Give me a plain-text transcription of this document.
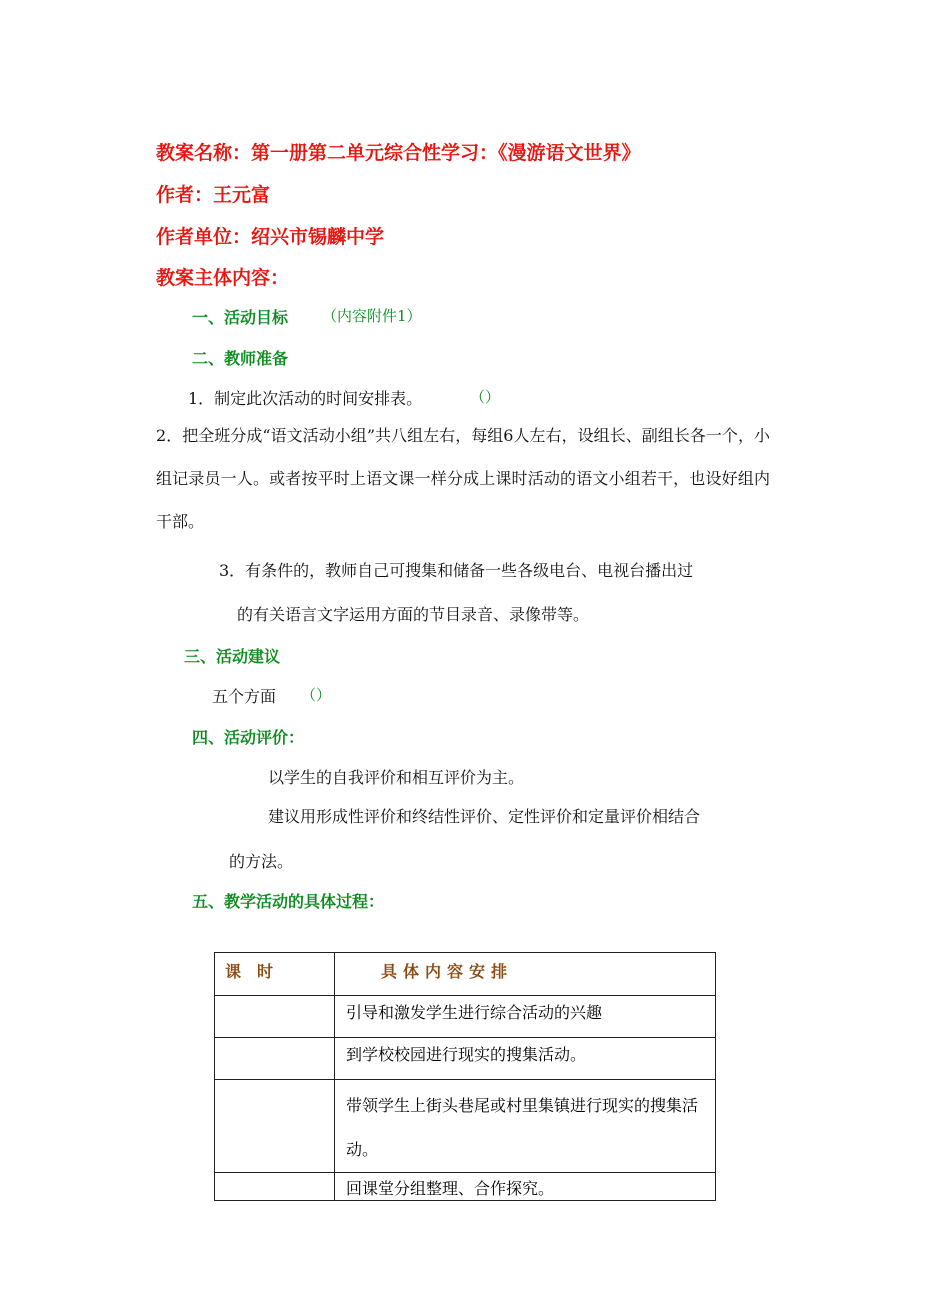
教案名称：第一册第二单元综合性学习：《漫游语文世界》
作者：王元富
作者单位：绍兴市锡麟中学
教案主体内容：
一、活动目标 （内容附件1）
二、教师准备
1．制定此次活动的时间安排表。	（）
2．把全班分成“语文活动小组”共八组左右，每组6人左右，设组长、副组长各一个，小组记录员一人。或者按平时上语文课一样分成上课时活动的语文小组若干，也设好组内干部。
3．有条件的，教师自己可搜集和储备一些各级电台、电视台播出过
的有关语言文字运用方面的节目录音、录像带等。
三、活动建议
五个方面 （）
四、活动评价：
以学生的自我评价和相互评价为主。
建议用形成性评价和终结性评价、定性评价和定量评价相结合
的方法。
五、教学活动的具体过程：
课　时	具体内容安排
	引导和激发学生进行综合活动的兴趣
	到学校校园进行现实的搜集活动。
	带领学生上街头巷尾或村里集镇进行现实的搜集活动。
	回课堂分组整理、合作探究。
